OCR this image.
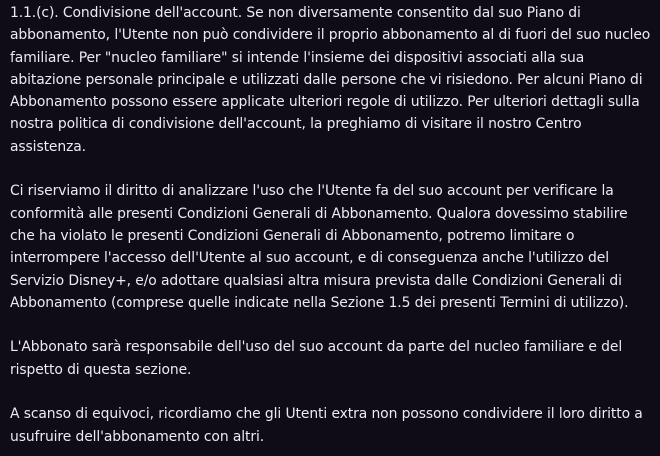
1.1.(c). Condivisione dell'account. Se non diversamente consentito dal suo Piano di abbonamento, l'Utente non può condividere il proprio abbonamento al di fuori del suo nucleo familiare. Per "nucleo familiare" si intende l'insieme dei dispositivi associati alla sua abitazione personale principale e utilizzati dalle persone che vi risiedono. Per alcuni Piano di Abbonamento possono essere applicate ulteriori regole di utilizzo. Per ulteriori dettagli sulla nostra politica di condivisione dell'account, la preghiamo di visitare il nostro Centro assistenza.

Ci riserviamo il diritto di analizzare l'uso che l'Utente fa del suo account per verificare la conformità alle presenti Condizioni Generali di Abbonamento. Qualora dovessimo stabilire che ha violato le presenti Condizioni Generali di Abbonamento, potremo limitare o interrompere l'accesso dell'Utente al suo account, e di conseguenza anche l'utilizzo del Servizio Disney+, e/o adottare qualsiasi altra misura prevista dalle Condizioni Generali di Abbonamento (comprese quelle indicate nella Sezione 1.5 dei presenti Termini di utilizzo).

L'Abbonato sarà responsabile dell'uso del suo account da parte del nucleo familiare e del rispetto di questa sezione.

A scanso di equivoci, ricordiamo che gli Utenti extra non possono condividere il loro diritto a usufruire dell'abbonamento con altri.
